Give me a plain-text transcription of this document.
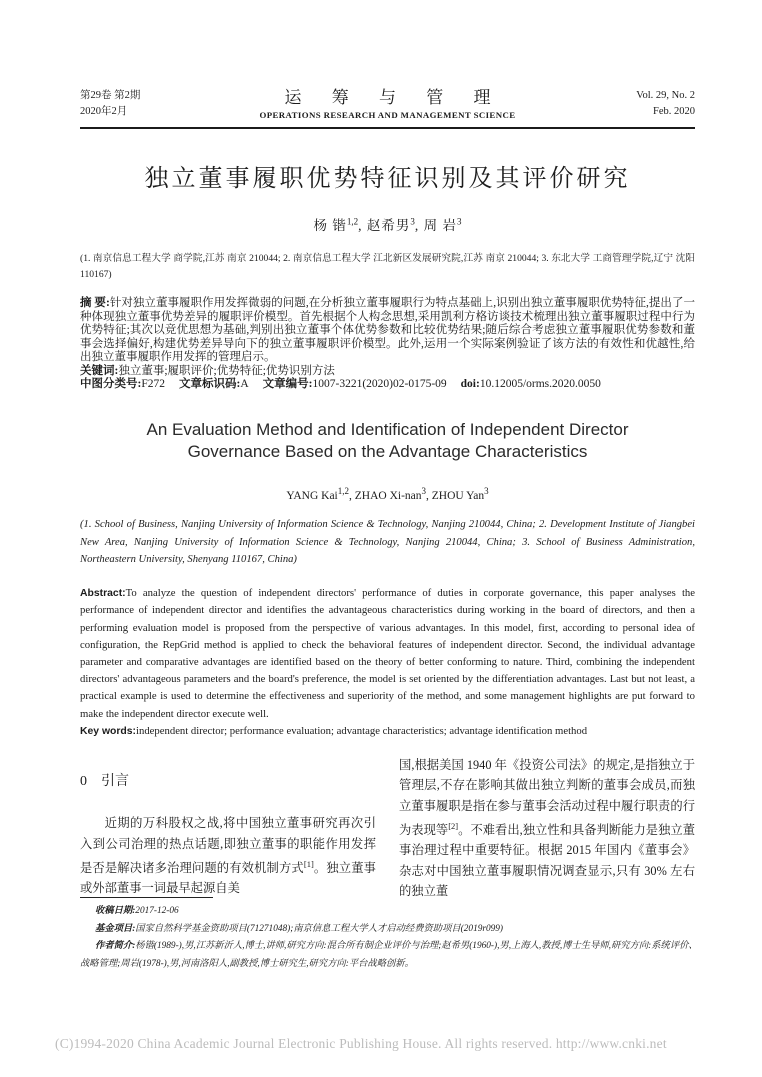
第29卷 第2期
2020年2月
运 筹 与 管 理
OPERATIONS RESEARCH AND MANAGEMENT SCIENCE
Vol. 29, No. 2
Feb. 2020
独立董事履职优势特征识别及其评价研究
杨 锴$^{1,2}$, 赵希男$^3$, 周 岩$^3$
(1. 南京信息工程大学 商学院,江苏 南京 210044; 2. 南京信息工程大学 江北新区发展研究院,江苏 南京 210044; 3. 东北大学 工商管理学院,辽宁 沈阳 110167)

摘 要:针对独立董事履职作用发挥微弱的问题,在分析独立董事履职行为特点基础上,识别出独立董事履职优势特征,提出了一种体现独立董事优势差异的履职评价模型。首先根据个人构念思想,采用凯利方格访谈技术梳理出独立董事履职过程中行为优势特征;其次以竞优思想为基础,判别出独立董事个体优势参数和比较优势结果;随后综合考虑独立董事履职优势参数和董事会选择偏好,构建优势差异导向下的独立董事履职评价模型。此外,运用一个实际案例验证了该方法的有效性和优越性,给出独立董事履职作用发挥的管理启示。

关键词:独立董事;履职评价;优势特征;优势识别方法

中图分类号:F272 文章标识码:A 文章编号:1007-3221(2020)02-0175-09 doi:10.12005/orms.2020.0050

An Evaluation Method and Identification of Independent Director
Governance Based on the Advantage Characteristics
YANG Kai$^{1,2}$, ZHAO Xi-nan$^3$, ZHOU Yan$^3$
(1. School of Business, Nanjing University of Information Science & Technology, Nanjing 210044, China; 2. Development Institute of Jiangbei New Area, Nanjing University of Information Science & Technology, Nanjing 210044, China; 3. School of Business Administration, Northeastern University, Shenyang 110167, China)

Abstract:To analyze the question of independent directors' performance of duties in corporate governance, this paper analyses the performance of independent director and identifies the advantageous characteristics during working in the board of directors, and then a performing evaluation model is proposed from the perspective of various advantages. In this model, first, according to personal idea of configuration, the RepGrid method is applied to check the behavioral features of independent director. Second, the individual advantage parameter and comparative advantages are identified based on the theory of better conforming to nature. Third, combining the independent directors' advantageous parameters and the board's preference, the model is set oriented by the differentiation advantages. Last but not least, a practical example is used to determine the effectiveness and superiority of the method, and some management highlights are put forward to make the independent director execute well.

Key words:independent director; performance evaluation; advantage characteristics; advantage identification method

0 引言

近期的万科股权之战,将中国独立董事研究再次引入到公司治理的热点话题,即独立董事的职能作用发挥是否是解决诸多治理问题的有效机制方式[1]。独立董事或外部董事一词最早起源自美

国,根据美国 1940 年《投资公司法》的规定,是指独立于管理层,不存在影响其做出独立判断的董事会成员,而独立董事履职是指在参与董事会活动过程中履行职责的行为表现等[2]。不难看出,独立性和具备判断能力是独立董事治理过程中重要特征。根据 2015 年国内《董事会》杂志对中国独立董事履职情况调查显示,只有 30% 左右的独立董

收稿日期:2017-12-06

基金项目:国家自然科学基金资助项目(71271048);南京信息工程大学人才启动经费资助项目(2019r099)

作者简介:杨锴(1989-),男,江苏新沂人,博士,讲师,研究方向:混合所有制企业评价与治理;赵希男(1960-),男,上海人,教授,博士生导师,研究方向:系统评价、战略管理;周岩(1978-),男,河南洛阳人,副教授,博士研究生,研究方向:平台战略创新。

(C)1994-2020 China Academic Journal Electronic Publishing House. All rights reserved. http://www.cnki.net
